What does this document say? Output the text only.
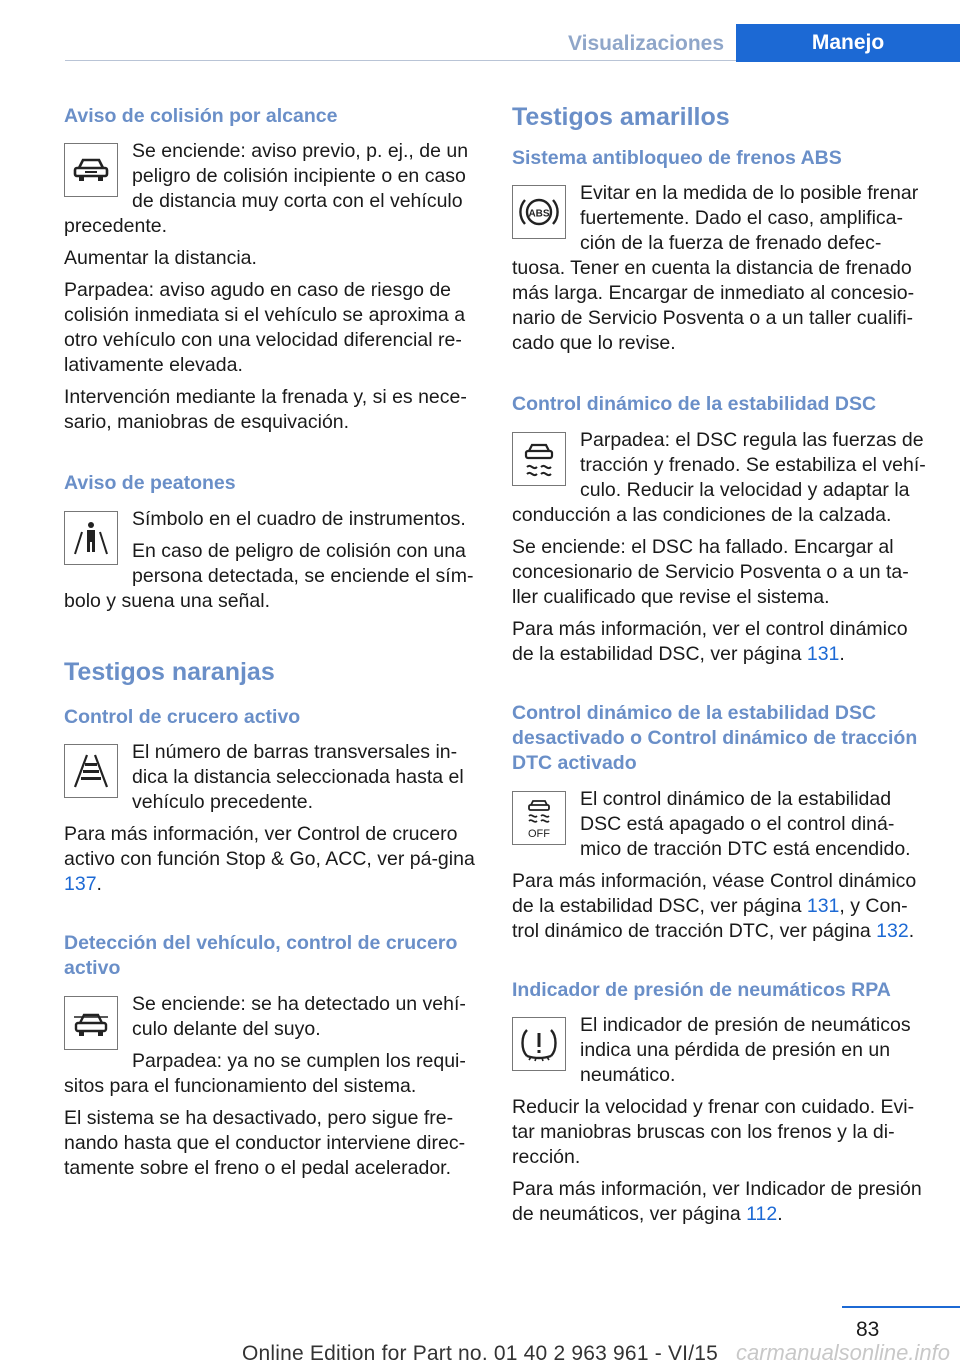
Visualizaciones	Manejo
Aviso de colisión por alcance

Se enciende: aviso previo, p. ej., de un peligro de colisión incipiente o en caso de distancia muy corta con el vehículo precedente.

Aumentar la distancia.

Parpadea: aviso agudo en caso de riesgo de colisión inmediata si el vehículo se aproxima a otro vehículo con una velocidad diferencial re-lativamente elevada.

Intervención mediante la frenada y, si es nece-sario, maniobras de esquivación.

Aviso de peatones

Símbolo en el cuadro de instrumentos.

En caso de peligro de colisión con una persona detectada, se enciende el sím-bolo y suena una señal.

Testigos naranjas
Control de crucero activo

El número de barras transversales in-dica la distancia seleccionada hasta el vehículo precedente.

Para más información, ver Control de crucero activo con función Stop & Go, ACC, ver pá-gina 137.

Detección del vehículo, control de crucero activo

Se enciende: se ha detectado un vehí-culo delante del suyo.

Parpadea: ya no se cumplen los requi-sitos para el funcionamiento del sistema.

El sistema se ha desactivado, pero sigue fre-nando hasta que el conductor interviene direc-tamente sobre el freno o el pedal acelerador.

Testigos amarillos
Sistema antibloqueo de frenos ABS
ABS

Evitar en la medida de lo posible frenar fuertemente. Dado el caso, amplifica-ción de la fuerza de frenado defec-tuosa. Tener en cuenta la distancia de frenado más larga. Encargar de inmediato al concesio-nario de Servicio Posventa o a un taller cualifi-cado que lo revise.

Control dinámico de la estabilidad DSC

Parpadea: el DSC regula las fuerzas de tracción y frenado. Se estabiliza el vehí-culo. Reducir la velocidad y adaptar la conducción a las condiciones de la calzada.

Se enciende: el DSC ha fallado. Encargar al concesionario de Servicio Posventa o a un ta-ller cualificado que revise el sistema.

Para más información, ver el control dinámico de la estabilidad DSC, ver página 131.

Control dinámico de la estabilidad DSC desactivado o Control dinámico de tracción DTC activado
OFF

El control dinámico de la estabilidad DSC está apagado o el control diná-mico de tracción DTC está encendido.

Para más información, véase Control dinámico de la estabilidad DSC, ver página 131, y Con-trol dinámico de tracción DTC, ver página 132.

Indicador de presión de neumáticos RPA

El indicador de presión de neumáticos indica una pérdida de presión en un neumático.

Reducir la velocidad y frenar con cuidado. Evi-tar maniobras bruscas con los frenos y la di-rección.

Para más información, ver Indicador de presión de neumáticos, ver página 112.

83
Online Edition for Part no. 01 40 2 963 961 - VI/15 carmanualsonline.info
